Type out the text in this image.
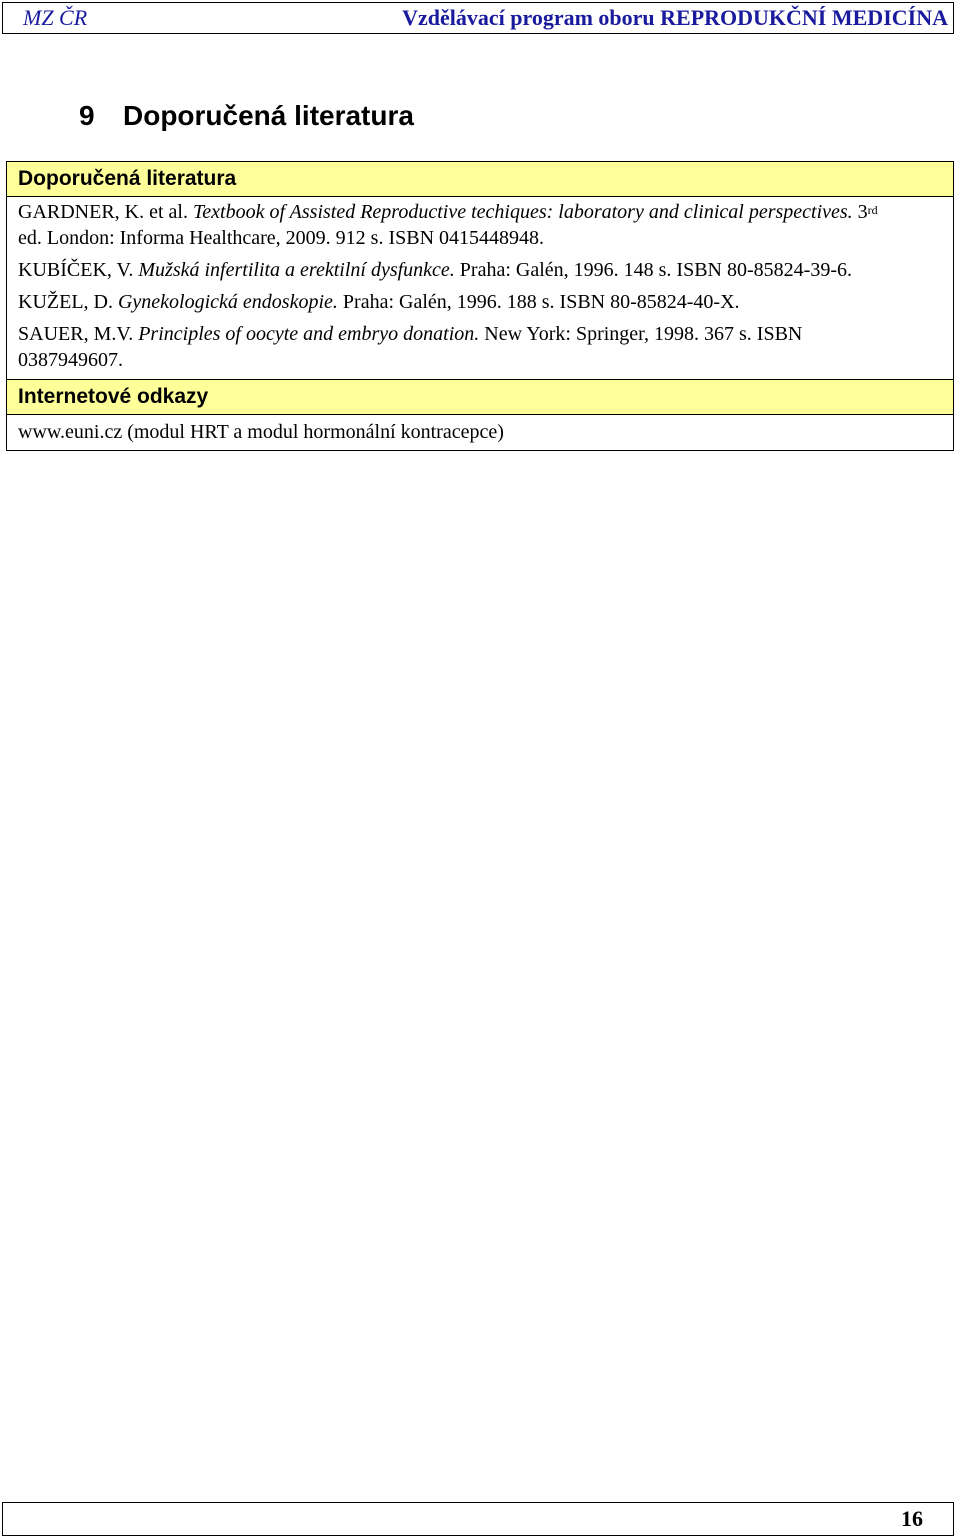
MZ ČR	Vzdělávací program oboru REPRODUKČNÍ MEDICÍNA
9 Doporučená literatura
Doporučená literatura
GARDNER, K. et al. Textbook of Assisted Reproductive techiques: laboratory and clinical perspectives. 3rd ed. London: Informa Healthcare, 2009. 912 s. ISBN 0415448948.
KUBÍČEK, V. Mužská infertilita a erektilní dysfunkce. Praha: Galén, 1996. 148 s. ISBN 80-85824-39-6.
KUŽEL, D. Gynekologická endoskopie. Praha: Galén, 1996. 188 s. ISBN 80-85824-40-X.
SAUER, M.V. Principles of oocyte and embryo donation. New York: Springer, 1998. 367 s. ISBN 0387949607.
Internetové odkazy
www.euni.cz (modul HRT a modul hormonální kontracepce)
16
